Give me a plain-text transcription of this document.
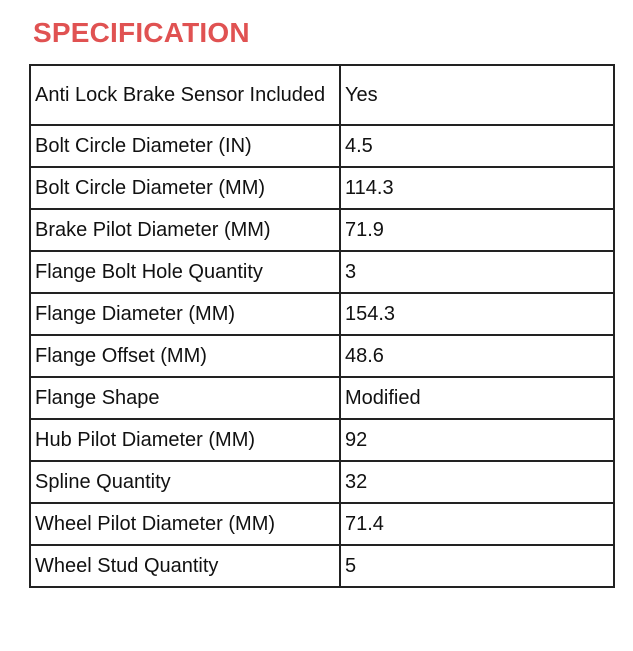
SPECIFICATION
Anti Lock Brake Sensor Included	Yes
Bolt Circle Diameter (IN)	4.5
Bolt Circle Diameter (MM)	114.3
Brake Pilot Diameter (MM)	71.9
Flange Bolt Hole Quantity	3
Flange Diameter (MM)	154.3
Flange Offset (MM)	48.6
Flange Shape	Modified
Hub Pilot Diameter (MM)	92
Spline Quantity	32
Wheel Pilot Diameter (MM)	71.4
Wheel Stud Quantity	5
